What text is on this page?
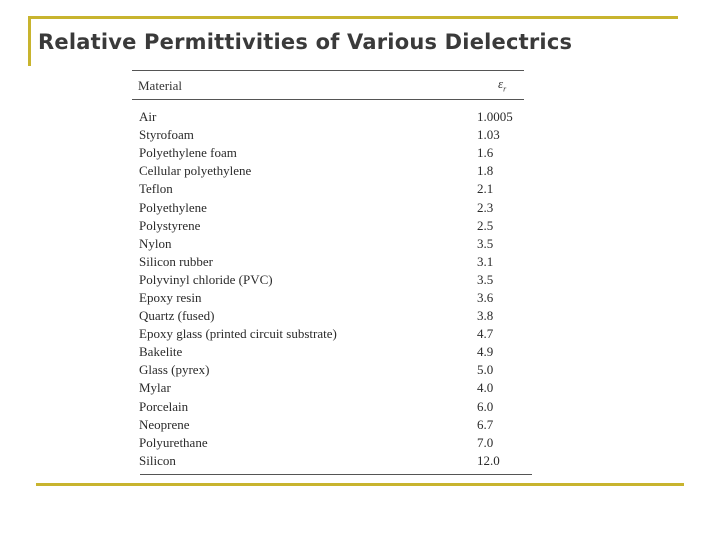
Relative Permittivities of Various Dielectrics
Material	$\varepsilon_r$
Air	1.0005
Styrofoam	1.03
Polyethylene foam	1.6
Cellular polyethylene	1.8
Teflon	2.1
Polyethylene	2.3
Polystyrene	2.5
Nylon	3.5
Silicon rubber	3.1
Polyvinyl chloride (PVC)	3.5
Epoxy resin	3.6
Quartz (fused)	3.8
Epoxy glass (printed circuit substrate)	4.7
Bakelite	4.9
Glass (pyrex)	5.0
Mylar	4.0
Porcelain	6.0
Neoprene	6.7
Polyurethane	7.0
Silicon	12.0
